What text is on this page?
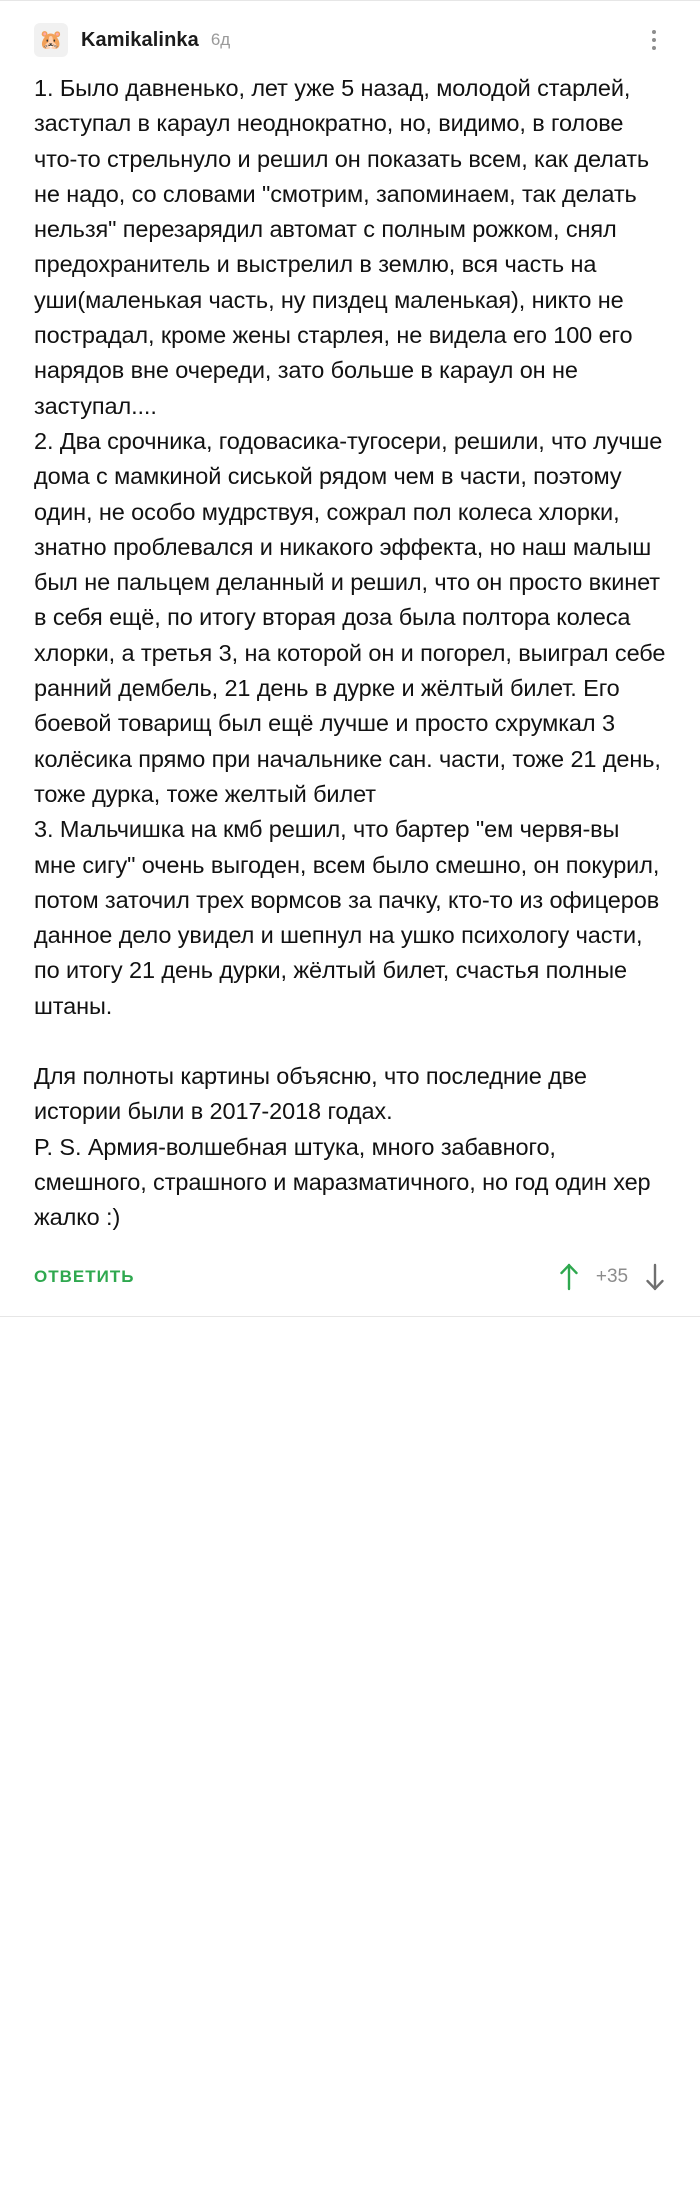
🐹 Kamikalinka 6д

1. Было давненько, лет уже 5 назад, молодой старлей, заступал в караул неоднократно, но, видимо, в голове что-то стрельнуло и решил он показать всем, как делать не надо, со словами "смотрим, запоминаем, так делать нельзя" перезарядил автомат с полным рожком, снял предохранитель и выстрелил в землю, вся часть на уши(маленькая часть, ну пиздец маленькая), никто не пострадал, кроме жены старлея, не видела его 100 его нарядов вне очереди, зато больше в караул он не заступал....

2. Два срочника, годовасика-тугосери, решили, что лучше дома с мамкиной сиськой рядом чем в части, поэтому один, не особо мудрствуя, сожрал пол колеса хлорки, знатно проблевался и никакого эффекта, но наш малыш был не пальцем деланный и решил, что он просто вкинет в себя ещё, по итогу вторая доза была полтора колеса хлорки, а третья 3, на которой он и погорел, выиграл себе ранний дембель, 21 день в дурке и жёлтый билет. Его боевой товарищ был ещё лучше и просто схрумкал 3 колёсика прямо при начальнике сан. части, тоже 21 день, тоже дурка, тоже желтый билет

3. Мальчишка на кмб решил, что бартер "ем червя-вы мне сигу" очень выгоден, всем было смешно, он покурил, потом заточил трех вормсов за пачку, кто-то из офицеров данное дело увидел и шепнул на ушко психологу части, по итогу 21 день дурки, жёлтый билет, счастья полные штаны.

Для полноты картины объясню, что последние две истории были в 2017-2018 годах.

P. S. Армия-волшебная штука, много забавного, смешного, страшного и маразматичного, но год один хер жалко :)

ОТВЕТИТЬ	+35
